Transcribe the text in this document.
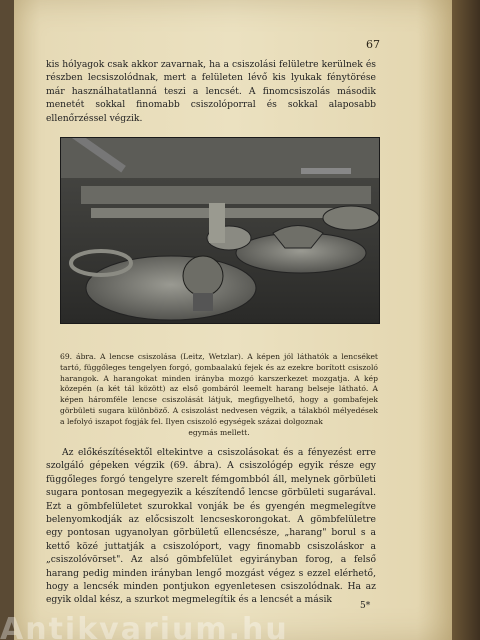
67

kis hólyagok csak akkor zavarnak, ha a csiszolási felületre kerülnek és részben lecsiszolódnak, mert a felületen lévő kis lyukak fénytörése már használhatatlanná teszi a lencsét. A finomcsiszolás második menetét sokkal finomabb csiszolóporral és sokkal alaposabb ellenőrzéssel végzik.

69. ábra. A lencse csiszolása (Leitz, Wetzlar). A képen jól láthatók a lencséket tartó, függőleges tengelyen forgó, gombaalakú fejek és az ezekre borított csiszoló harangok. A harangokat minden irányba mozgó karszerkezet mozgatja. A kép közepén (a két tál között) az első gombáról leemelt harang belseje látható. A képen háromféle lencse csiszolását látjuk, megfigyelhető, hogy a gombafejek görbületi sugara különböző. A csiszolást nedvesen végzik, a tálakból mélyedések a lefolyó iszapot fogják fel. Ilyen csiszoló egységek százai dolgoznak
egymás mellett.

Az előkészítésektől eltekintve a csiszolásokat és a fényezést erre szolgáló gépeken végzik (69. ábra). A csiszológép egyik része egy függőleges forgó tengelyre szerelt fémgombból áll, melynek görbületi sugara pontosan megegyezik a készítendő lencse görbületi sugarával. Ezt a gömbfelületet szurokkal vonják be és gyengén megmelegítve belenyomkodják az előcsiszolt lencseskorongokat. A gömbfelületre egy pontosan ugyanolyan görbületű ellencsésze, „harang" borul s a kettő közé juttatják a csiszolóport, vagy finomabb csiszoláskor a „csiszolóvörset". Az alsó gömbfelület egyirányban forog, a felső harang pedig minden irányban lengő mozgást végez s ezzel elérhető, hogy a lencsék minden pontjukon egyenletesen csiszolódnak. Ha az egyik oldal kész, a szurkot megmelegítik és a lencsét a másik

5*
Antikvarium.hu
